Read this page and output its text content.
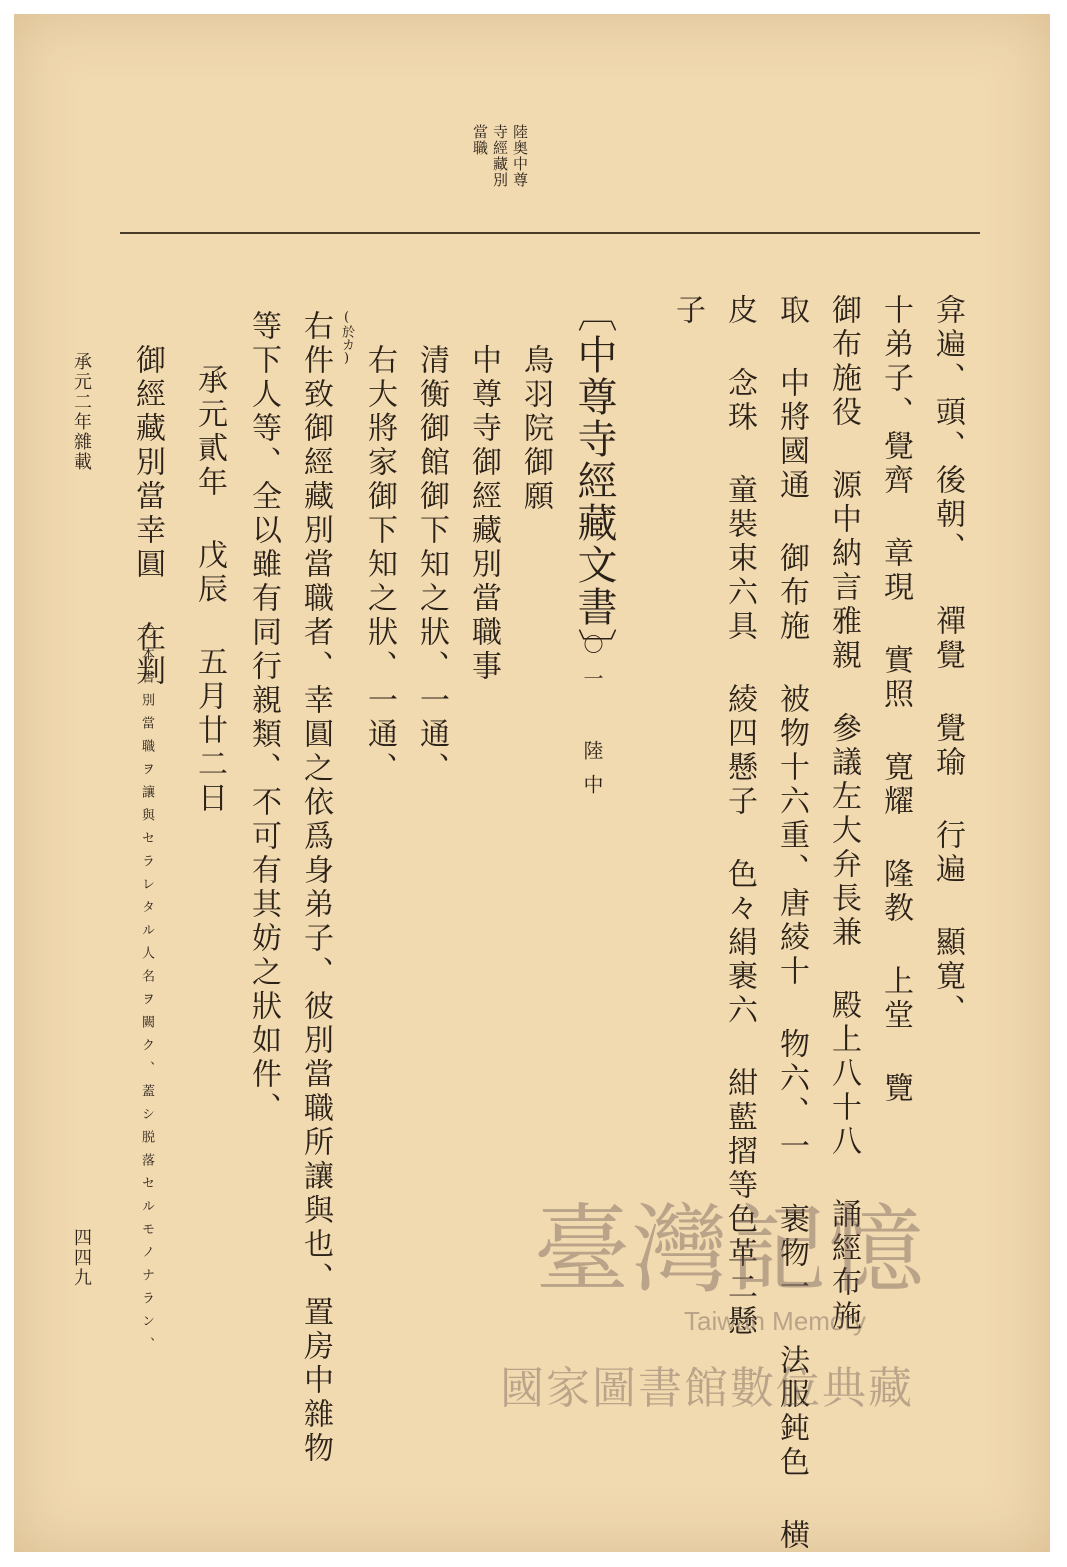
陸奥中尊
寺經藏別
當職
弇遍、頭、後朝、 禪覺 覺瑜 行遍 顯寛、
十弟子、覺齊 章現 實照 寛耀 隆教 上堂 覽
御布施役 源中納言雅親 參議左大弁長兼 殿上八十八 誦經布施
取 中將國通 御布施 被物十六重、唐綾十 物六、一 裹物一 法服鈍色 横
皮 念珠 童裝束六具 綾四懸子 色々絹裹六 紺藍摺等色革二懸
子
〔中尊寺經藏文書〕
〇一 陸中
鳥羽院御願
中尊寺御經藏別當職事
清衡御館御下知之狀、一通、
右大將家御下知之狀、一通、
(於カ)
右件致御經藏別當職者、幸圓之依爲身弟子、彼別當職所讓與也、置房中雜物
等下人等、全以雖有同行親類、不可有其妨之狀如件、
承元貳年 戊辰 五月廿二日
御經藏別當幸圓 在判
〇本書別當職ヲ讓與セラレタル人名ヲ闕ク、蓋シ脱落セルモノナラン、
承元二年雜載
四四九	臺灣記憶
Taiwan Memory
國家圖書館數位典藏
